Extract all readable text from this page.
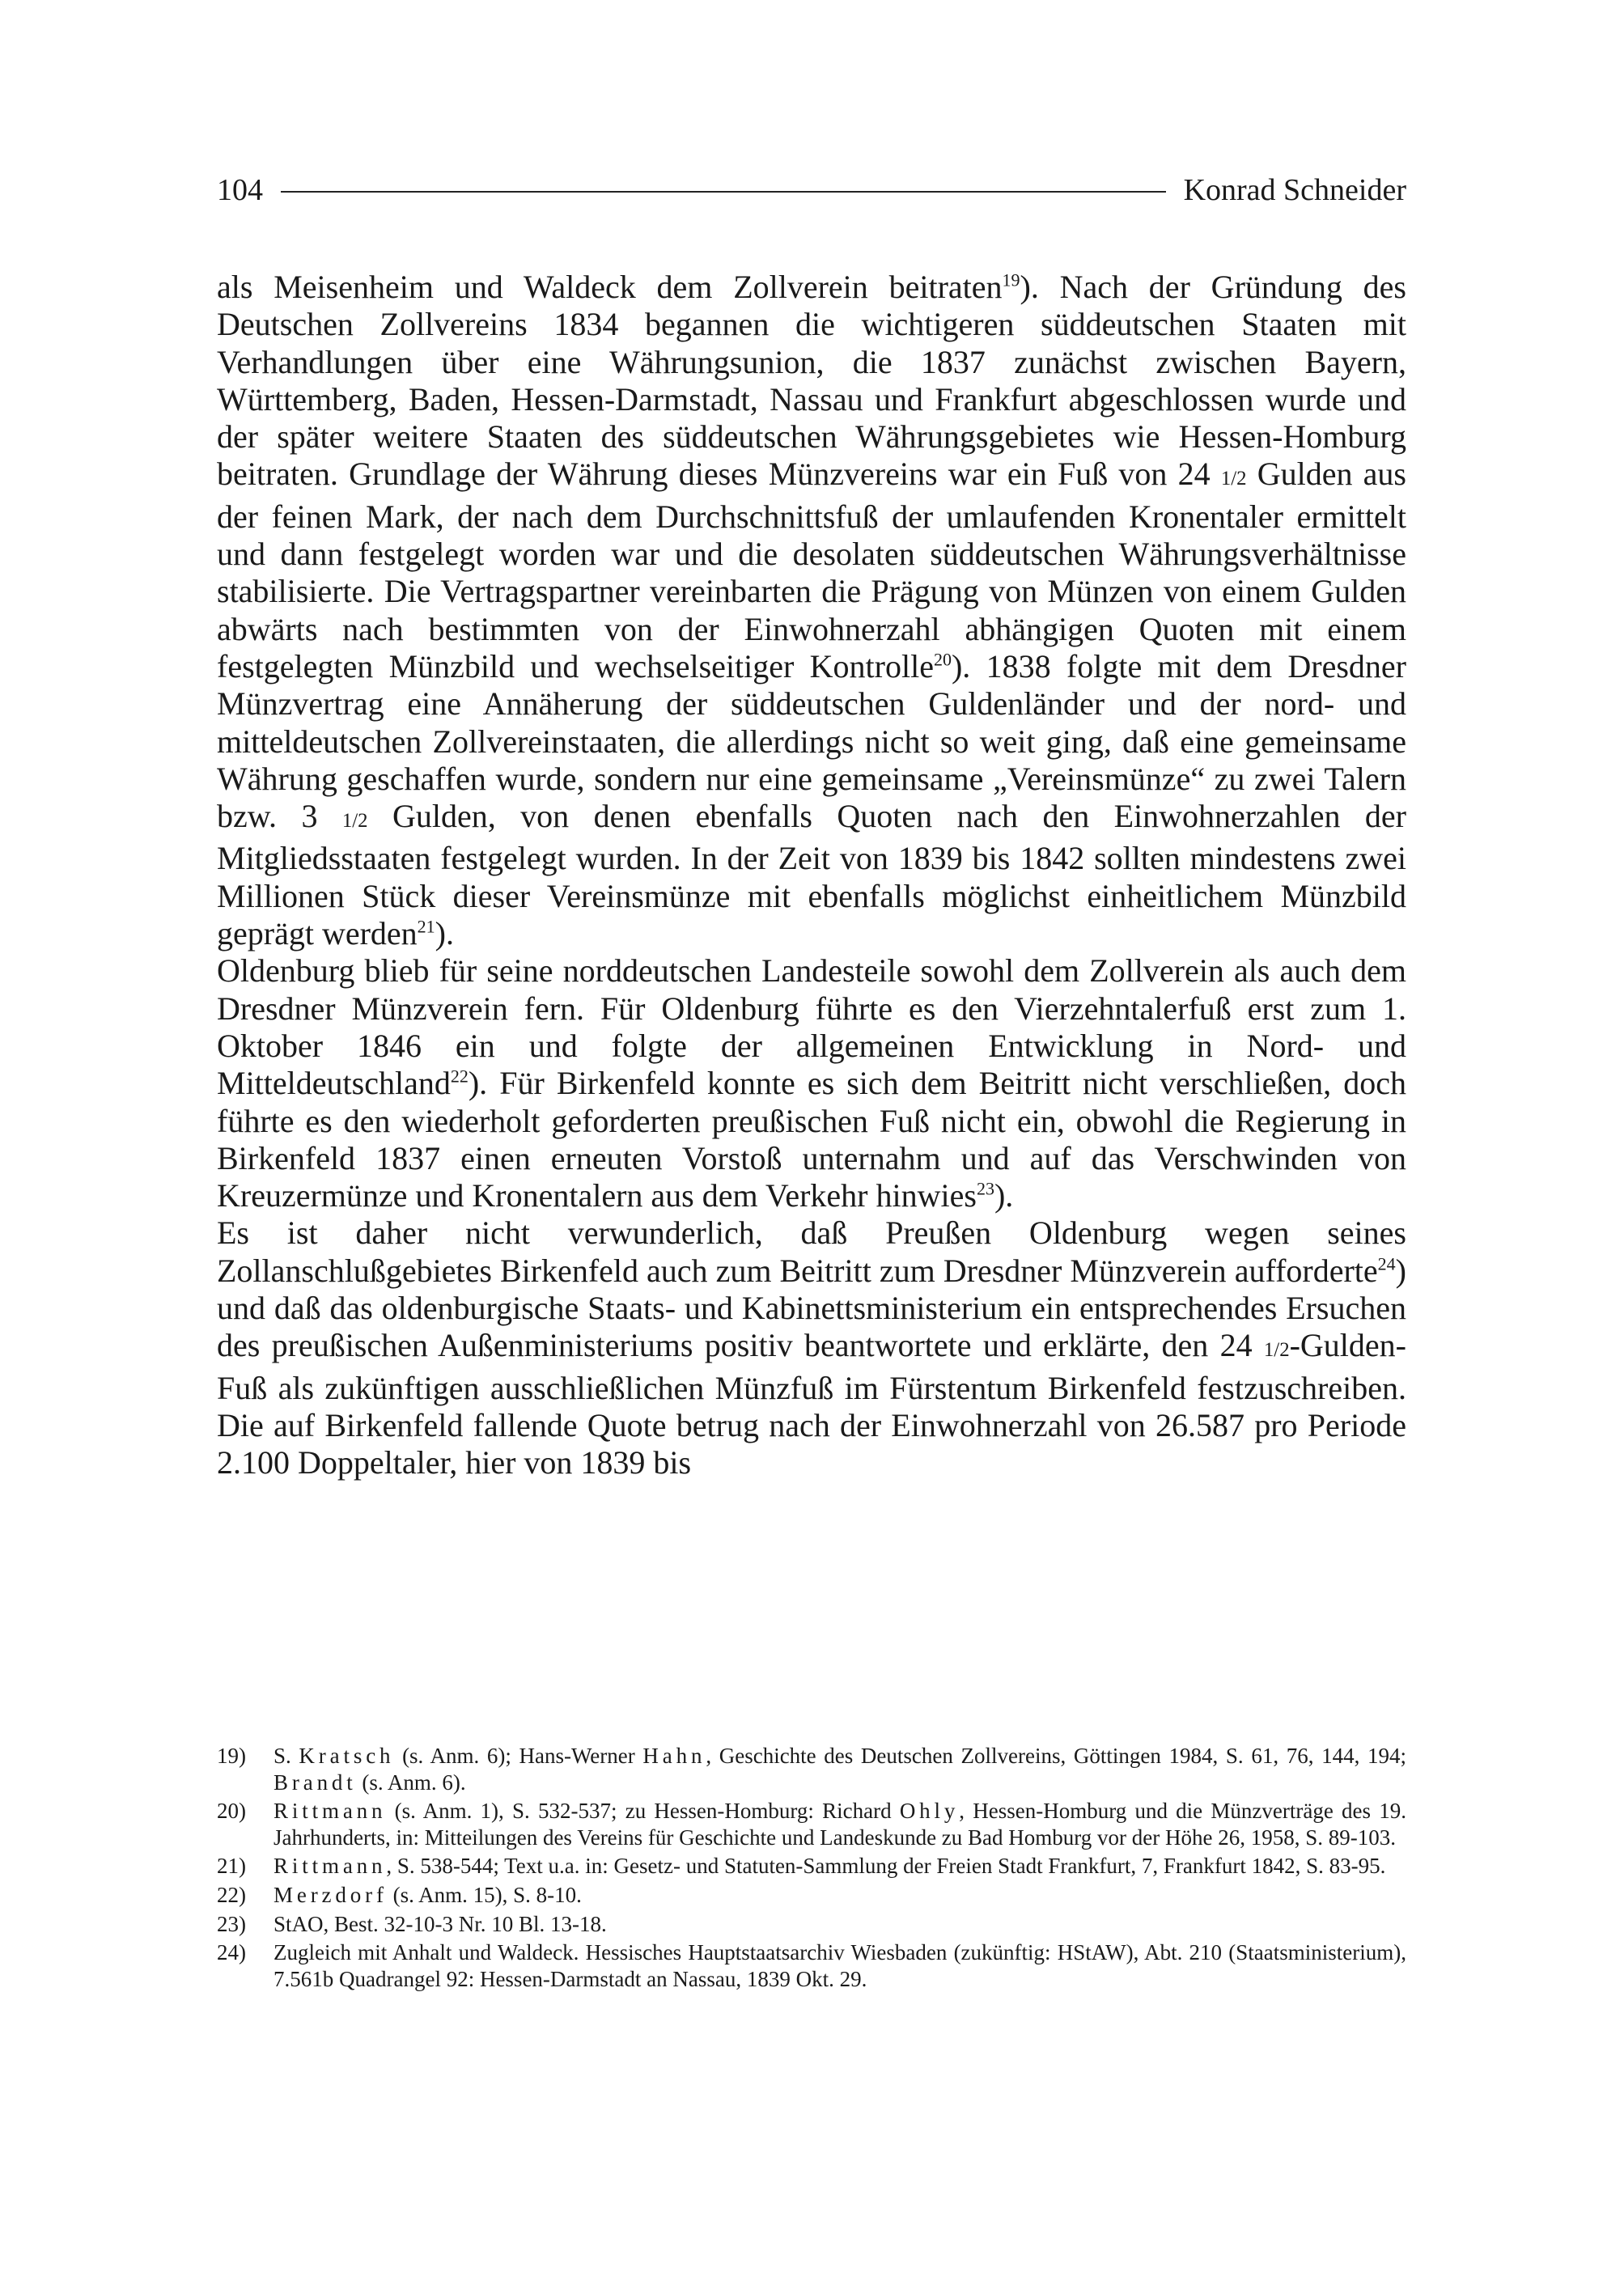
104	Konrad Schneider

als Meisenheim und Waldeck dem Zollverein beitraten$^{19}$). Nach der Gründung des Deutschen Zollvereins 1834 begannen die wichtigeren süddeutschen Staaten mit Verhandlungen über eine Währungsunion, die 1837 zunächst zwischen Bayern, Württemberg, Baden, Hessen-Darmstadt, Nassau und Frankfurt abgeschlossen wurde und der später weitere Staaten des süddeutschen Währungsgebietes wie Hessen-Homburg beitraten. Grundlage der Währung dieses Münzvereins war ein Fuß von 24 1/2 Gulden aus der feinen Mark, der nach dem Durchschnittsfuß der umlaufenden Kronentaler ermittelt und dann festgelegt worden war und die desolaten süddeutschen Währungsverhältnisse stabilisierte. Die Vertragspartner vereinbarten die Prägung von Münzen von einem Gulden abwärts nach bestimmten von der Einwohnerzahl abhängigen Quoten mit einem festgelegten Münzbild und wechselseitiger Kontrolle$^{20}$). 1838 folgte mit dem Dresdner Münzvertrag eine Annäherung der süddeutschen Guldenländer und der nord- und mitteldeutschen Zollvereinstaaten, die allerdings nicht so weit ging, daß eine gemeinsame Währung geschaffen wurde, sondern nur eine gemeinsame „Vereinsmünze“ zu zwei Talern bzw. 3 1/2 Gulden, von denen ebenfalls Quoten nach den Einwohnerzahlen der Mitgliedsstaaten festgelegt wurden. In der Zeit von 1839 bis 1842 sollten mindestens zwei Millionen Stück dieser Vereinsmünze mit ebenfalls möglichst einheitlichem Münzbild geprägt werden$^{21}$).

Oldenburg blieb für seine norddeutschen Landesteile sowohl dem Zollverein als auch dem Dresdner Münzverein fern. Für Oldenburg führte es den Vierzehntalerfuß erst zum 1. Oktober 1846 ein und folgte der allgemeinen Entwicklung in Nord- und Mitteldeutschland$^{22}$). Für Birkenfeld konnte es sich dem Beitritt nicht verschließen, doch führte es den wiederholt geforderten preußischen Fuß nicht ein, obwohl die Regierung in Birkenfeld 1837 einen erneuten Vorstoß unternahm und auf das Verschwinden von Kreuzermünze und Kronentalern aus dem Verkehr hinwies$^{23}$).

Es ist daher nicht verwunderlich, daß Preußen Oldenburg wegen seines Zollanschlußgebietes Birkenfeld auch zum Beitritt zum Dresdner Münzverein aufforderte$^{24}$) und daß das oldenburgische Staats- und Kabinettsministerium ein entsprechendes Ersuchen des preußischen Außenministeriums positiv beantwortete und erklärte, den 24 1/2-Gulden-Fuß als zukünftigen ausschließlichen Münzfuß im Fürstentum Birkenfeld festzuschreiben. Die auf Birkenfeld fallende Quote betrug nach der Einwohnerzahl von 26.587 pro Periode 2.100 Doppeltaler, hier von 1839 bis

19)	S. Kratsch (s. Anm. 6); Hans-Werner Hahn, Geschichte des Deutschen Zollvereins, Göttingen 1984, S. 61, 76, 144, 194; Brandt (s. Anm. 6).
20)	Rittmann (s. Anm. 1), S. 532-537; zu Hessen-Homburg: Richard Ohly, Hessen-Homburg und die Münzverträge des 19. Jahrhunderts, in: Mitteilungen des Vereins für Geschichte und Landeskunde zu Bad Homburg vor der Höhe 26, 1958, S. 89-103.
21)	Rittmann, S. 538-544; Text u.a. in: Gesetz- und Statuten-Sammlung der Freien Stadt Frankfurt, 7, Frankfurt 1842, S. 83-95.
22)	Merzdorf (s. Anm. 15), S. 8-10.
23)	StAO, Best. 32-10-3 Nr. 10 Bl. 13-18.
24)	Zugleich mit Anhalt und Waldeck. Hessisches Hauptstaatsarchiv Wiesbaden (zukünftig: HStAW), Abt. 210 (Staatsministerium), 7.561b Quadrangel 92: Hessen-Darmstadt an Nassau, 1839 Okt. 29.
